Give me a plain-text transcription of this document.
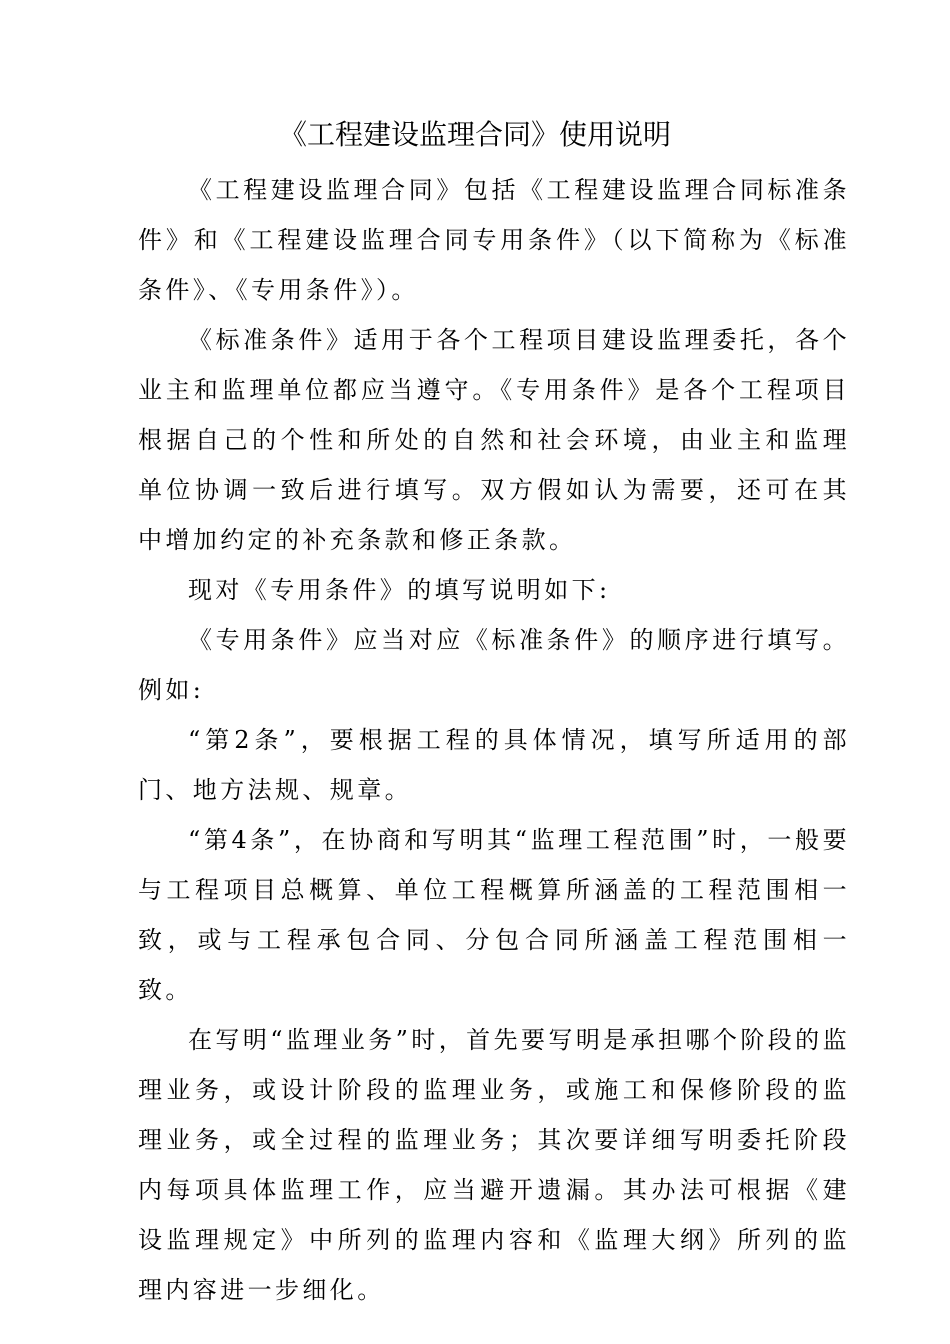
《工程建设监理合同》使用说明

《工程建设监理合同》包括《工程建设监理合同标准条件》和《工程建设监理合同专用条件》（以下简称为《标准条件》、《专用条件》）。

《标准条件》适用于各个工程项目建设监理委托，各个业主和监理单位都应当遵守。《专用条件》是各个工程项目根据自己的个性和所处的自然和社会环境，由业主和监理单位协调一致后进行填写。双方假如认为需要，还可在其中增加约定的补充条款和修正条款。

现对《专用条件》的填写说明如下:

《专用条件》应当对应《标准条件》的顺序进行填写。例如:

“第2条”，要根据工程的具体情况，填写所适用的部门、地方法规、规章。

“第4条”，在协商和写明其“监理工程范围”时，一般要与工程项目总概算、单位工程概算所涵盖的工程范围相一致，或与工程承包合同、分包合同所涵盖工程范围相一致。

在写明“监理业务”时，首先要写明是承担哪个阶段的监理业务，或设计阶段的监理业务，或施工和保修阶段的监理业务，或全过程的监理业务；其次要详细写明委托阶段内每项具体监理工作，应当避开遗漏。其办法可根据《建设监理规定》中所列的监理内容和《监理大纲》所列的监理内容进一步细化。
